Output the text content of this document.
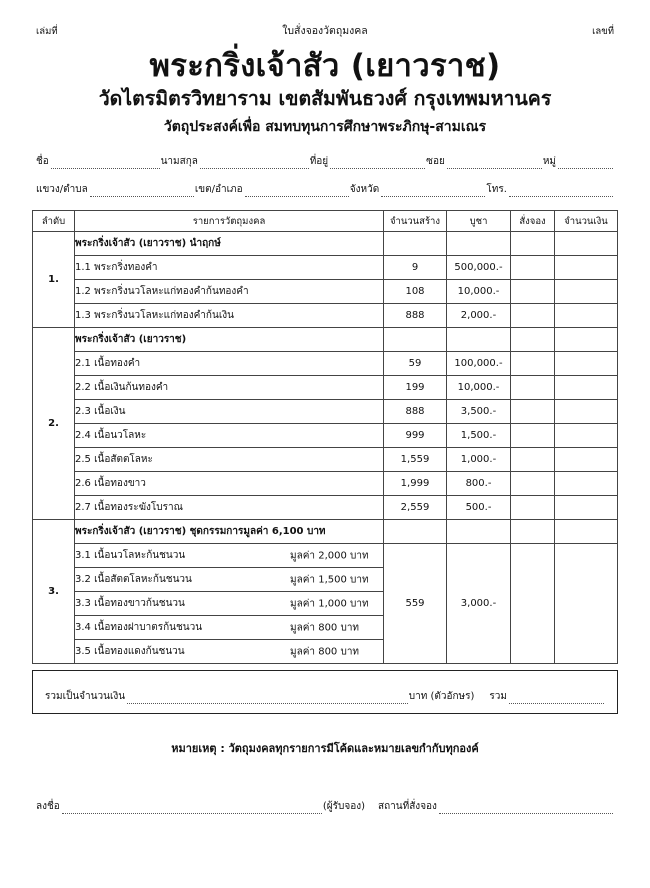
เล่มที่	ใบสั่งจองวัตถุมงคล	เลขที่
พระกริ่งเจ้าสัว (เยาวราช)
วัดไตรมิตรวิทยาราม เขตสัมพันธวงศ์ กรุงเทพมหานคร
วัตถุประสงค์เพื่อ สมทบทุนการศึกษาพระภิกษุ-สามเณร
ชื่อ	นามสกุล	ที่อยู่	ซอย	หมู่
แขวง/ตำบล	เขต/อำเภอ	จังหวัด	โทร.
ลำดับ	รายการวัตถุมงคล	จำนวนสร้าง	บูชา	สั่งจอง	จำนวนเงิน
1.	พระกริ่งเจ้าสัว (เยาวราช) นำฤกษ์				
	1.1 พระกริ่งทองคำ	9	500,000.-		
	1.2 พระกริ่งนวโลหะแก่ทองคำก้นทองคำ	108	10,000.-		
	1.3 พระกริ่งนวโลหะแก่ทองคำก้นเงิน	888	2,000.-		
2.	พระกริ่งเจ้าสัว (เยาวราช)				
	2.1 เนื้อทองคำ	59	100,000.-		
	2.2 เนื้อเงินก้นทองคำ	199	10,000.-		
	2.3 เนื้อเงิน	888	3,500.-		
	2.4 เนื้อนวโลหะ	999	1,500.-		
	2.5 เนื้อสัตตโลหะ	1,559	1,000.-		
	2.6 เนื้อทองขาว	1,999	800.-		
	2.7 เนื้อทองระฆังโบราณ	2,559	500.-		
3.	พระกริ่งเจ้าสัว (เยาวราช) ชุดกรรมการมูลค่า 6,100 บาท				
	3.1 เนื้อนวโลหะก้นชนวน มูลค่า 2,000 บาท	559	3,000.-		
	3.2 เนื้อสัตตโลหะก้นชนวน มูลค่า 1,500 บาท				

	3.3 เนื้อทองขาวก้นชนวน มูลค่า 1,000 บาท				

	3.4 เนื้อทองฝาบาตรก้นชนวน มูลค่า 800 บาท				

	3.5 เนื้อทองแดงก้นชนวน มูลค่า 800 บาท				
รวมเป็นจำนวนเงิน	บาท (ตัวอักษร) รวม
หมายเหตุ : วัตถุมงคลทุกรายการมีโค้ดและหมายเลขกำกับทุกองค์
ลงชื่อ	(ผู้รับจอง) สถานที่สั่งจอง
